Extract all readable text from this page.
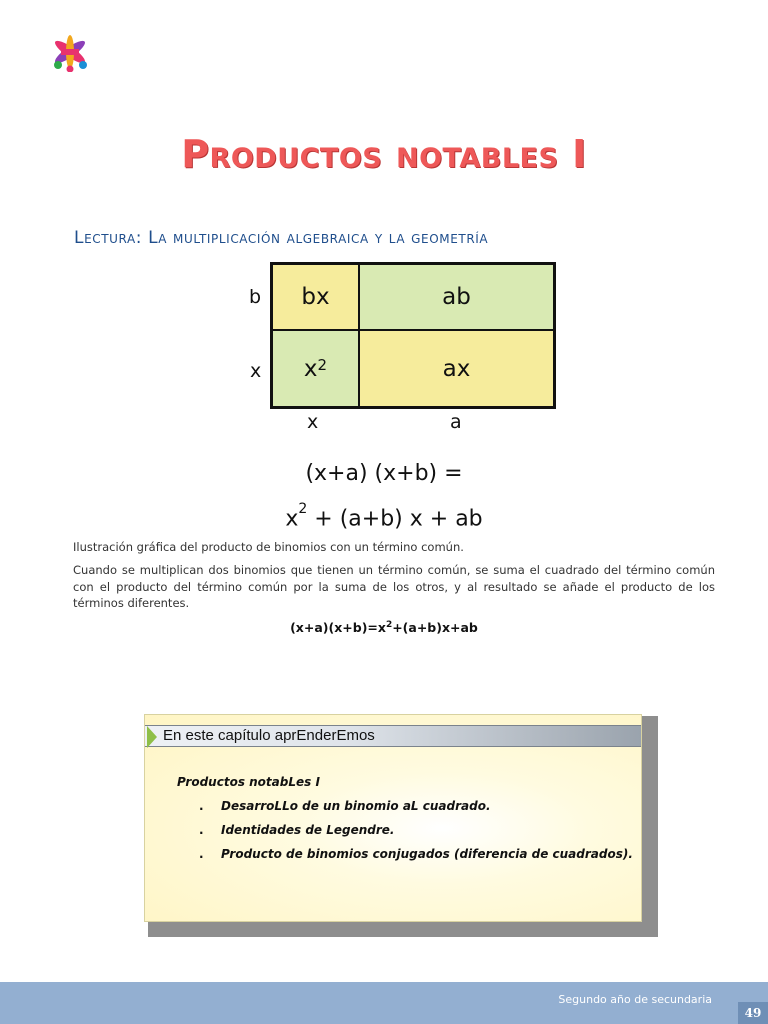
Productos notables I
Lectura: La multiplicación algebraica y la geometría
bx	ab
$x^2$	ax
b
x
x	a
(x+a) (x+b) =
$x^2 + (a+b) x$ + ab
Ilustración gráfica del producto de binomios con un término común.
Cuando se multiplican dos binomios que tienen un término común, se suma el cuadrado del término común con el producto del término común por la suma de los otros, y al resultado se añade el producto de los términos diferentes.
$(x+a)(x+b)=x^2+(a+b)x+ab$
En este capítulo aprEnderEmos
Productos notabLes I
. DesarroLLo de un binomio aL cuadrado.
. Identidades de Legendre.
. Producto de binomios conjugados (diferencia de cuadrados).
Segundo año de secundaria
49
